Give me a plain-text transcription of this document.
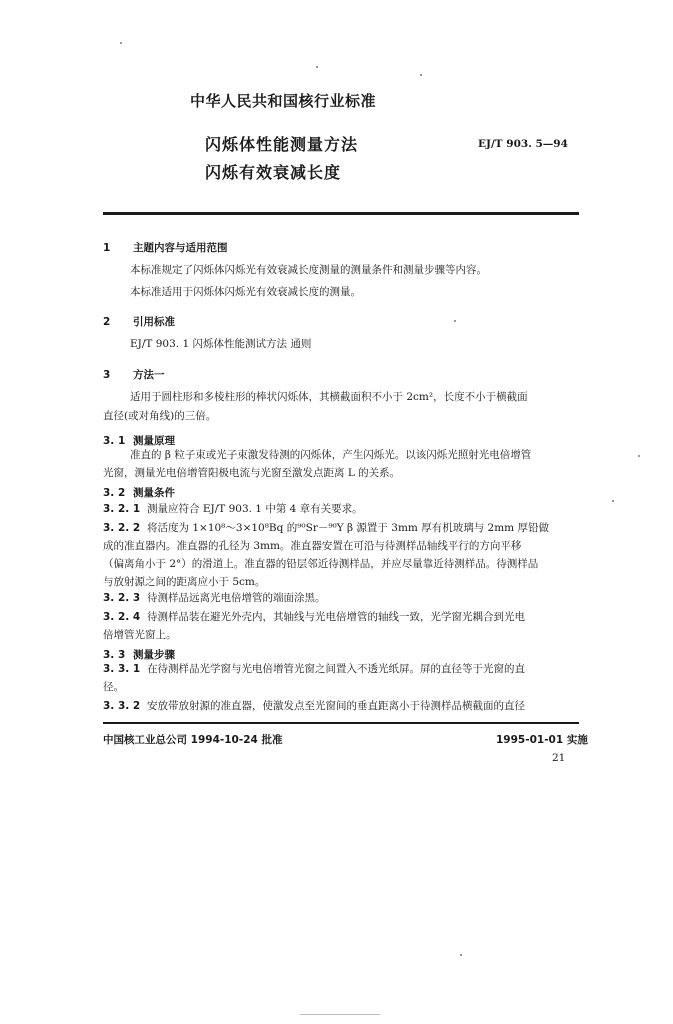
中华人民共和国核行业标准
闪烁体性能测量方法
闪烁有效衰减长度
EJ/T 903. 5—94
1 主题内容与适用范围
本标准规定了闪烁体闪烁光有效衰减长度测量的测量条件和测量步骤等内容。
本标准适用于闪烁体闪烁光有效衰减长度的测量。
2 引用标准
EJ/T 903. 1 闪烁体性能测试方法 通则
3 方法一
适用于圆柱形和多棱柱形的棒状闪烁体，其横截面积不小于 2cm²，长度不小于横截面
直径(或对角线)的三倍。
3. 1 测量原理
准直的 β 粒子束或光子束激发待测的闪烁体，产生闪烁光。以该闪烁光照射光电倍增管
光窗，测量光电倍增管阳极电流与光窗至激发点距离 L 的关系。
3. 2 测量条件
3. 2. 1 测量应符合 EJ/T 903. 1 中第 4 章有关要求。
3. 2. 2 将活度为 1×10⁸～3×10⁸Bq 的⁹⁰Sr－⁹⁰Y β 源置于 3mm 厚有机玻璃与 2mm 厚铅做
成的准直器内。准直器的孔径为 3mm。准直器安置在可沿与待测样品轴线平行的方向平移
（偏离角小于 2°）的滑道上。准直器的铅层邻近待测样品，并应尽量靠近待测样品。待测样品
与放射源之间的距离应小于 5cm。
3. 2. 3 待测样品远离光电倍增管的端面涂黑。
3. 2. 4 待测样品装在避光外壳内，其轴线与光电倍增管的轴线一致，光学窗光耦合到光电
倍增管光窗上。
3. 3 测量步骤
3. 3. 1 在待测样品光学窗与光电倍增管光窗之间置入不透光纸屏。屏的直径等于光窗的直
径。
3. 3. 2 安放带放射源的准直器，使激发点至光窗间的垂直距离小于待测样品横截面的直径
中国核工业总公司 1994-10-24 批准	1995-01-01 实施
21
